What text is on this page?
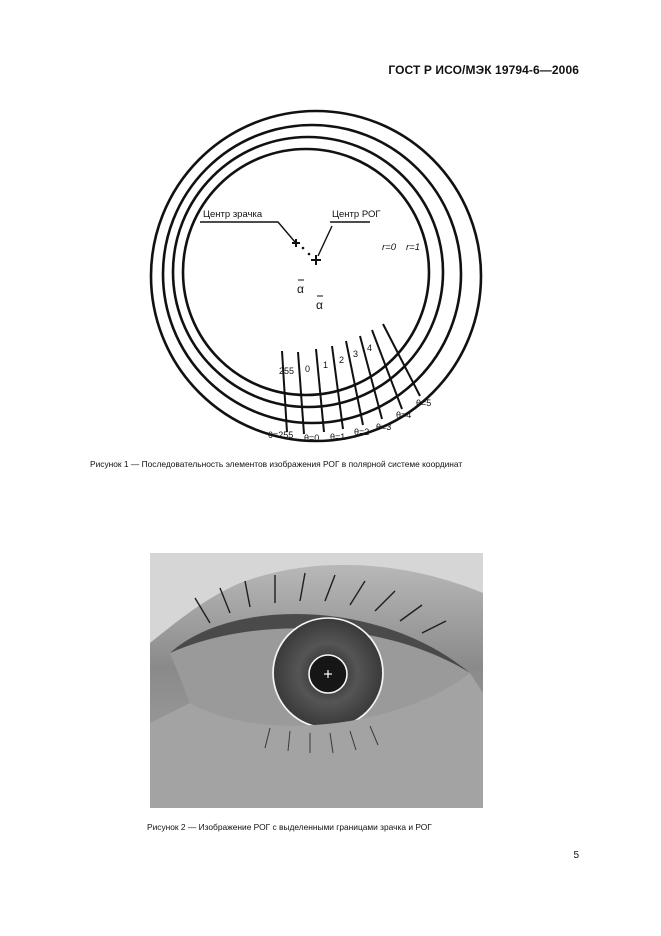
ГОСТ Р ИСО/МЭК 19794-6—2006
Центр зрачка	Центр РОГ
r=0 r=1
α
α
255 0 1 2
3
4
θ=255 θ=0 θ=1 θ=2 θ=3
θ=4
θ=5
Рисунок 1 — Последовательность элементов изображения РОГ в полярной системе координат
Рисунок 2 — Изображение РОГ с выделенными границами зрачка и РОГ
5
